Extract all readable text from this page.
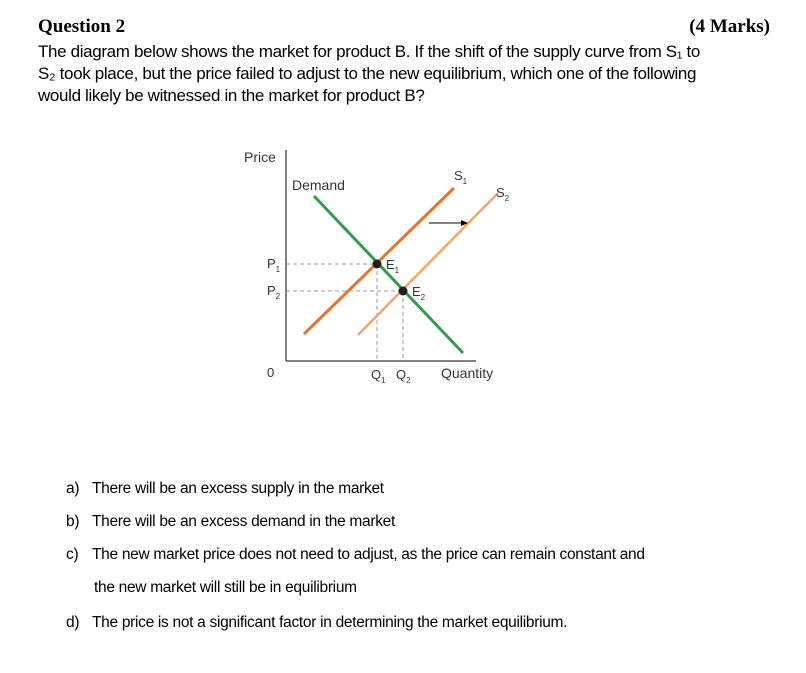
Question 2	(4 Marks)
The diagram below shows the market for product B. If the shift of the supply curve from S₁ to
S₂ took place, but the price failed to adjust to the new equilibrium, which one of the following
would likely be witnessed in the market for product B?
Price
Demand
$S_1$
$S_2$
$E_1$
$E_2$
$P_1$
$P_2$
0	$Q_1$ $Q_2$ Quantity
a) There will be an excess supply in the market
b) There will be an excess demand in the market
c) The new market price does not need to adjust, as the price can remain constant and
the new market will still be in equilibrium
d) The price is not a significant factor in determining the market equilibrium.
